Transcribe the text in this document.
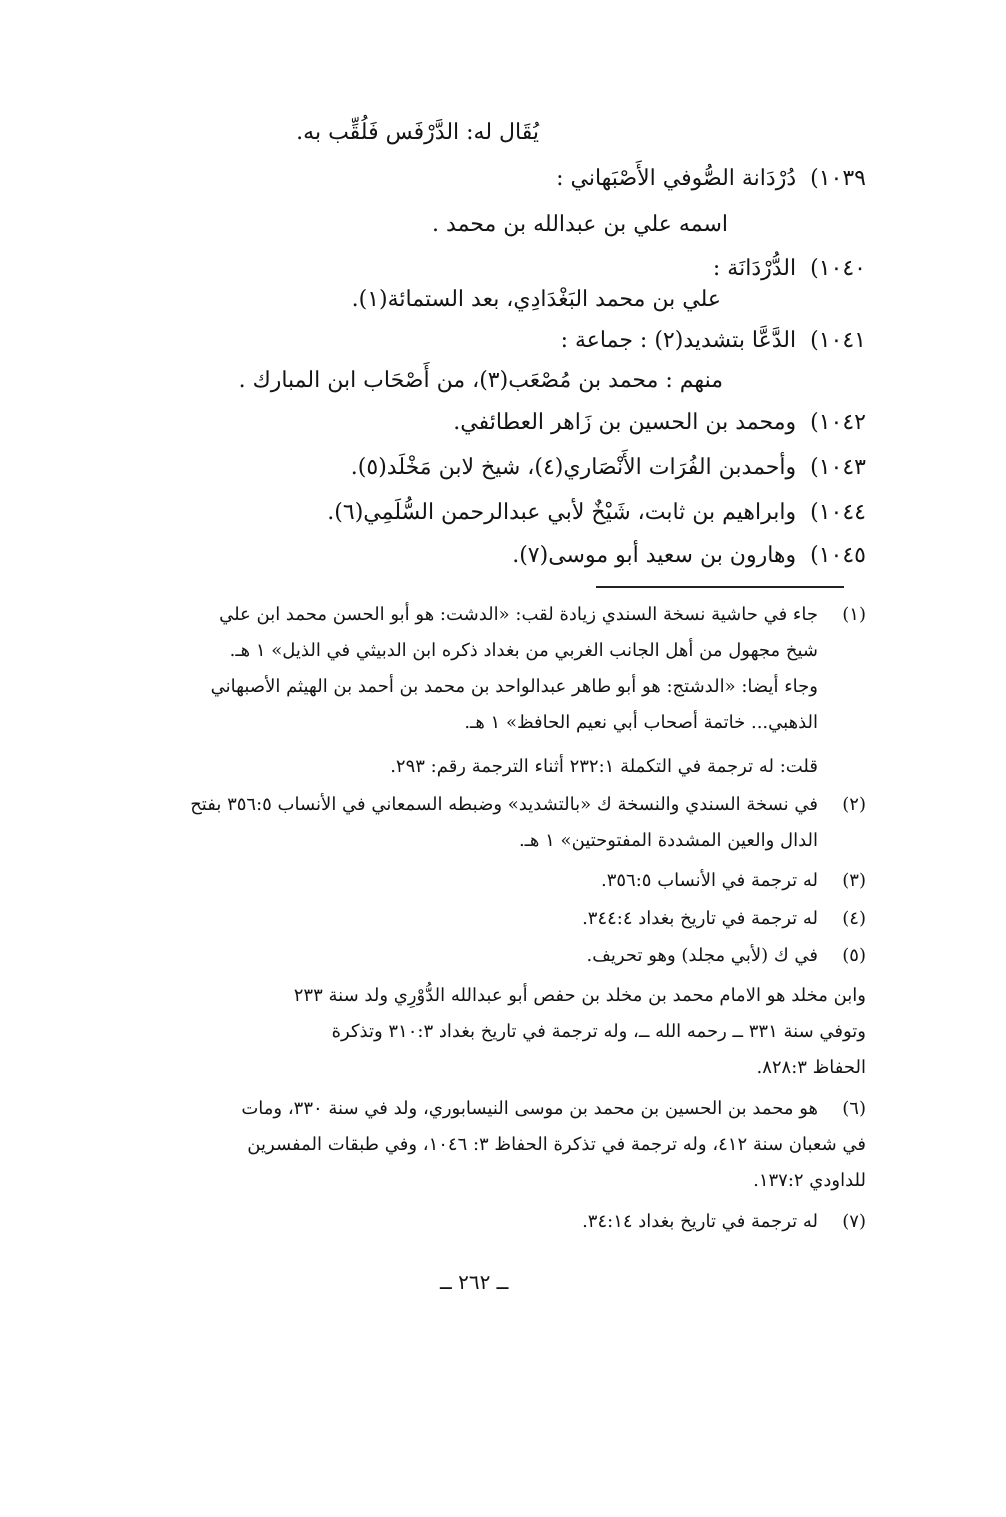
يُقَال له: الدَّرْفَس فَلُقِّب به.

١٠٣٩)دُرْدَانة الصُّوفي الأَصْبَهاني :

اسمه علي بن عبدالله بن محمد .

١٠٤٠)الدُّرْدَانَة :

علي بن محمد البَغْدَادِي، بعد الستمائة(١).

١٠٤١)الدَّعَّا بتشديد(٢) : جماعة :

منهم : محمد بن مُصْعَب(٣)، من أَصْحَاب ابن المبارك .

١٠٤٢)ومحمد بن الحسين بن زَاهر العطائفي.
١٠٤٣)وأحمدبن الفُرَات الأَنْصَاري(٤)، شيخ لابن مَخْلَد(٥).
١٠٤٤)وابراهيم بن ثابت، شَيْخٌ لأبي عبدالرحمن السُّلَمِي(٦).
١٠٤٥)وهارون بن سعيد أبو موسى(٧).
(١)جاء في حاشية نسخة السندي زيادة لقب: «الدشت: هو أبو الحسن محمد ابن علي

شيخ مجهول من أهل الجانب الغربي من بغداد ذكره ابن الدبيثي في الذيل» ١ هـ.

وجاء أيضا: «الدشتج: هو أبو طاهر عبدالواحد بن محمد بن أحمد بن الهيثم الأصبهاني

الذهبي... خاتمة أصحاب أبي نعيم الحافظ» ١ هـ.

قلت: له ترجمة في التكملة ٢٣٢:١ أثناء الترجمة رقم: ٢٩٣.

(٢)في نسخة السندي والنسخة ك «بالتشديد» وضبطه السمعاني في الأنساب ٣٥٦:٥ بفتح

الدال والعين المشددة المفتوحتين» ١ هـ.

(٣)له ترجمة في الأنساب ٣٥٦:٥.
(٤)له ترجمة في تاريخ بغداد ٣٤٤:٤.
(٥)في ك (لأبي مجلد) وهو تحريف.

وابن مخلد هو الامام محمد بن مخلد بن حفص أبو عبدالله الدُّوْرِي ولد سنة ٢٣٣

وتوفي سنة ٣٣١ ــ رحمه الله ــ، وله ترجمة في تاريخ بغداد ٣١٠:٣ وتذكرة

الحفاظ ٨٢٨:٣.

(٦)هو محمد بن الحسين بن محمد بن موسى النيسابوري، ولد في سنة ٣٣٠، ومات

في شعبان سنة ٤١٢، وله ترجمة في تذكرة الحفاظ ٣: ١٠٤٦، وفي طبقات المفسرين

للداودي ١٣٧:٢.

(٧)له ترجمة في تاريخ بغداد ٣٤:١٤.
ــ ٢٦٢ ــ
